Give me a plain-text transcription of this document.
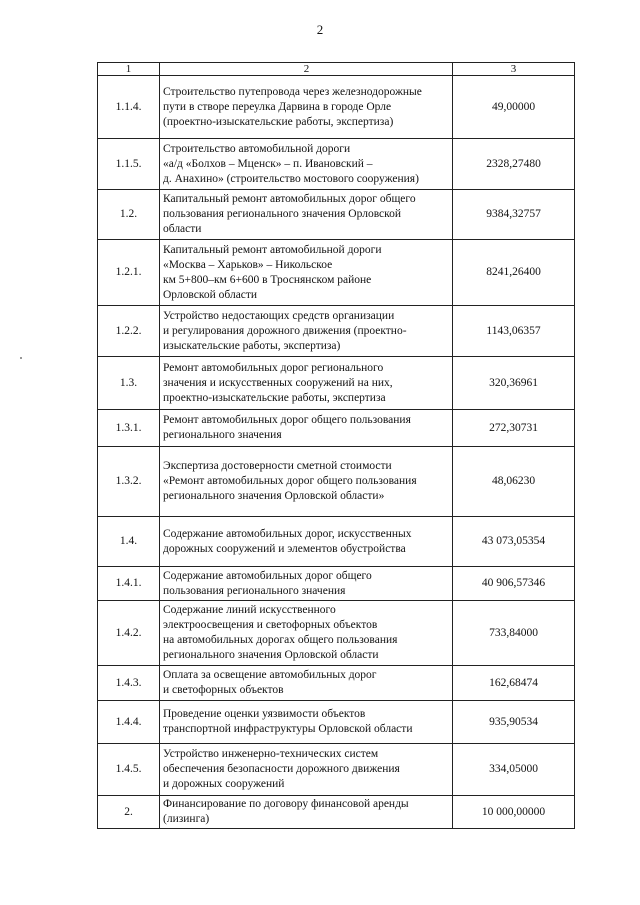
2
1	2	3
1.1.4.	Строительство путепровода через железнодорожные
пути в створе переулка Дарвина в городе Орле
(проектно-изыскательские работы, экспертиза)	49,00000
1.1.5.	Строительство автомобильной дороги
«а/д «Болхов – Мценск» – п. Ивановский –
д. Анахино» (строительство мостового сооружения)	2328,27480
1.2.	Капитальный ремонт автомобильных дорог общего
пользования регионального значения Орловской
области	9384,32757
1.2.1.	Капитальный ремонт автомобильной дороги
«Москва – Харьков» – Никольское
км 5+800–км 6+600 в Троснянском районе
Орловской области	8241,26400
1.2.2.	Устройство недостающих средств организации
и регулирования дорожного движения (проектно-
изыскательские работы, экспертиза)	1143,06357
1.3.	Ремонт автомобильных дорог регионального
значения и искусственных сооружений на них,
проектно-изыскательские работы, экспертиза	320,36961
1.3.1.	Ремонт автомобильных дорог общего пользования
регионального значения	272,30731
1.3.2.	Экспертиза достоверности сметной стоимости
«Ремонт автомобильных дорог общего пользования
регионального значения Орловской области»	48,06230
1.4.	Содержание автомобильных дорог, искусственных
дорожных сооружений и элементов обустройства	43 073,05354
1.4.1.	Содержание автомобильных дорог общего
пользования регионального значения	40 906,57346
1.4.2.	Содержание линий искусственного
электроосвещения и светофорных объектов
на автомобильных дорогах общего пользования
регионального значения Орловской области	733,84000
1.4.3.	Оплата за освещение автомобильных дорог
и светофорных объектов	162,68474
1.4.4.	Проведение оценки уязвимости объектов
транспортной инфраструктуры Орловской области	935,90534
1.4.5.	Устройство инженерно-технических систем
обеспечения безопасности дорожного движения
и дорожных сооружений	334,05000
2.	Финансирование по договору финансовой аренды
(лизинга)	10 000,00000
